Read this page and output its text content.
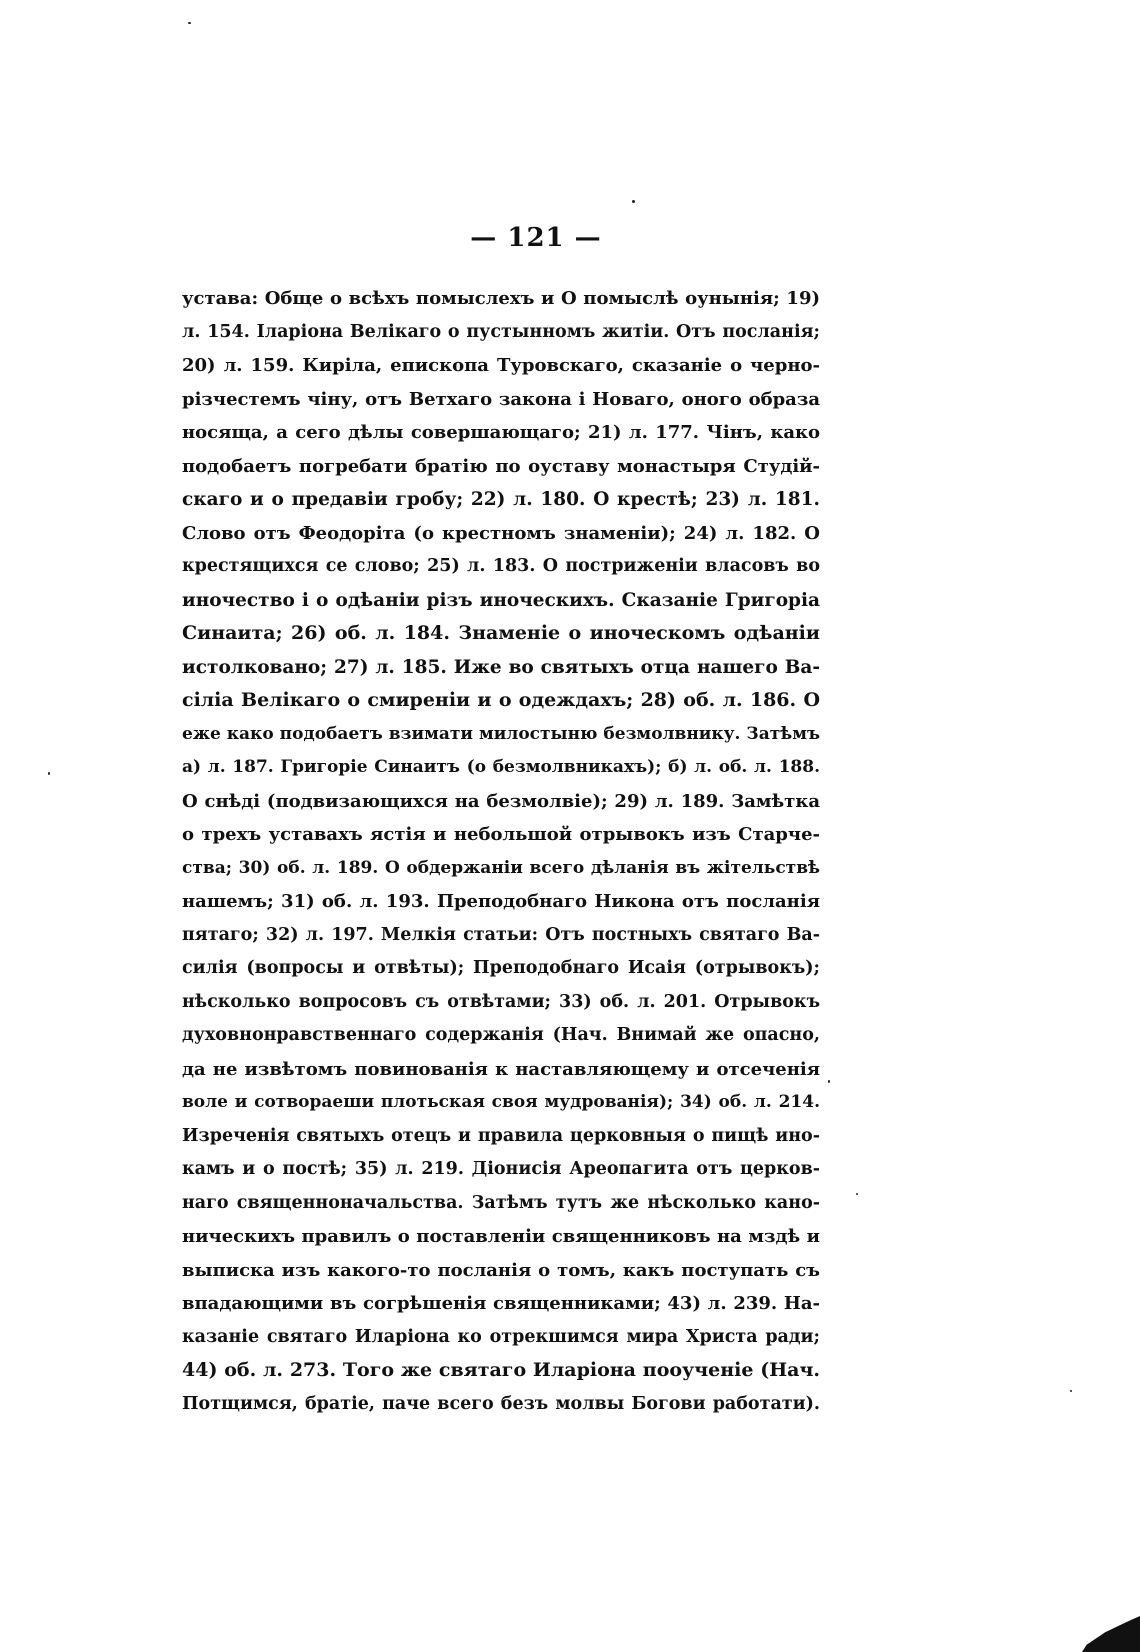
— 121 —
устава: Обще о всѣхъ помыслехъ и О помыслѣ оунынія; 19)
л. 154. Іларіона Велікаго о пустынномъ житіи. Отъ посланія;
20) л. 159. Кирiла, епископа Туровскаго, сказаніе о черно-
різчестемъ чіну, отъ Ветхаго закона і Новаго, оного образа
носяща, а сего дѣлы совершающаго; 21) л. 177. Чінъ, како
подобаетъ погребати братію по оуставу монастыря Студій-
скаго и о предавіи гробу; 22) л. 180. О крестѣ; 23) л. 181.
Слово отъ Феодоріта (о крестномъ знаменіи); 24) л. 182. О
крестящихся се слово; 25) л. 183. О постриженіи власовъ во
иночество і о одѣаніи різъ иноческихъ. Сказаніе Григоріа
Синаита; 26) об. л. 184. Знаменіе о иноческомъ одѣаніи
истолковано; 27) л. 185. Иже во святыхъ отца нашего Ва-
сіліа Велікаго о смиреніи и о одеждахъ; 28) об. л. 186. О
еже како подобаетъ взимати милостыню безмолвнику. Затѣмъ
а) л. 187. Григоріе Синаитъ (о безмолвникахъ); б) л. об. л. 188.
О снѣді (подвизающихся на безмолвіе); 29) л. 189. Замѣтка
о трехъ уставахъ ястія и небольшой отрывокъ изъ Старче-
ства; 30) об. л. 189. О обдержаніи всего дѣланія въ жітельствѣ
нашемъ; 31) об. л. 193. Преподобнаго Никона отъ посланія
пятаго; 32) л. 197. Мелкія статьи: Отъ постныхъ святаго Ва-
силія (вопросы и отвѣты); Преподобнаго Исаія (отрывокъ);
нѣсколько вопросовъ съ отвѣтами; 33) об. л. 201. Отрывокъ
духовнонравственнаго содержанія (Нач. Внимай же опасно,
да не извѣтомъ повинованія к наставляющему и отсеченія
воле и сотвораеши плотьская своя мудрованія); 34) об. л. 214.
Изреченія святыхъ отецъ и правила церковныя о пищѣ ино-
камъ и о постѣ; 35) л. 219. Діонисія Ареопагита отъ церков-
наго священноначальства. Затѣмъ тутъ же нѣсколько кано-
ническихъ правилъ о поставленіи священниковъ на мздѣ и
выписка изъ какого-то посланія о томъ, какъ поступать съ
впадающими въ согрѣшенія священниками; 43) л. 239. На-
казаніе святаго Иларіона ко отрекшимся мира Христа ради;
44) об. л. 273. Того же святаго Иларіона пооученіе (Нач.
Потщимся, братіе, паче всего безъ молвы Богови работати).
